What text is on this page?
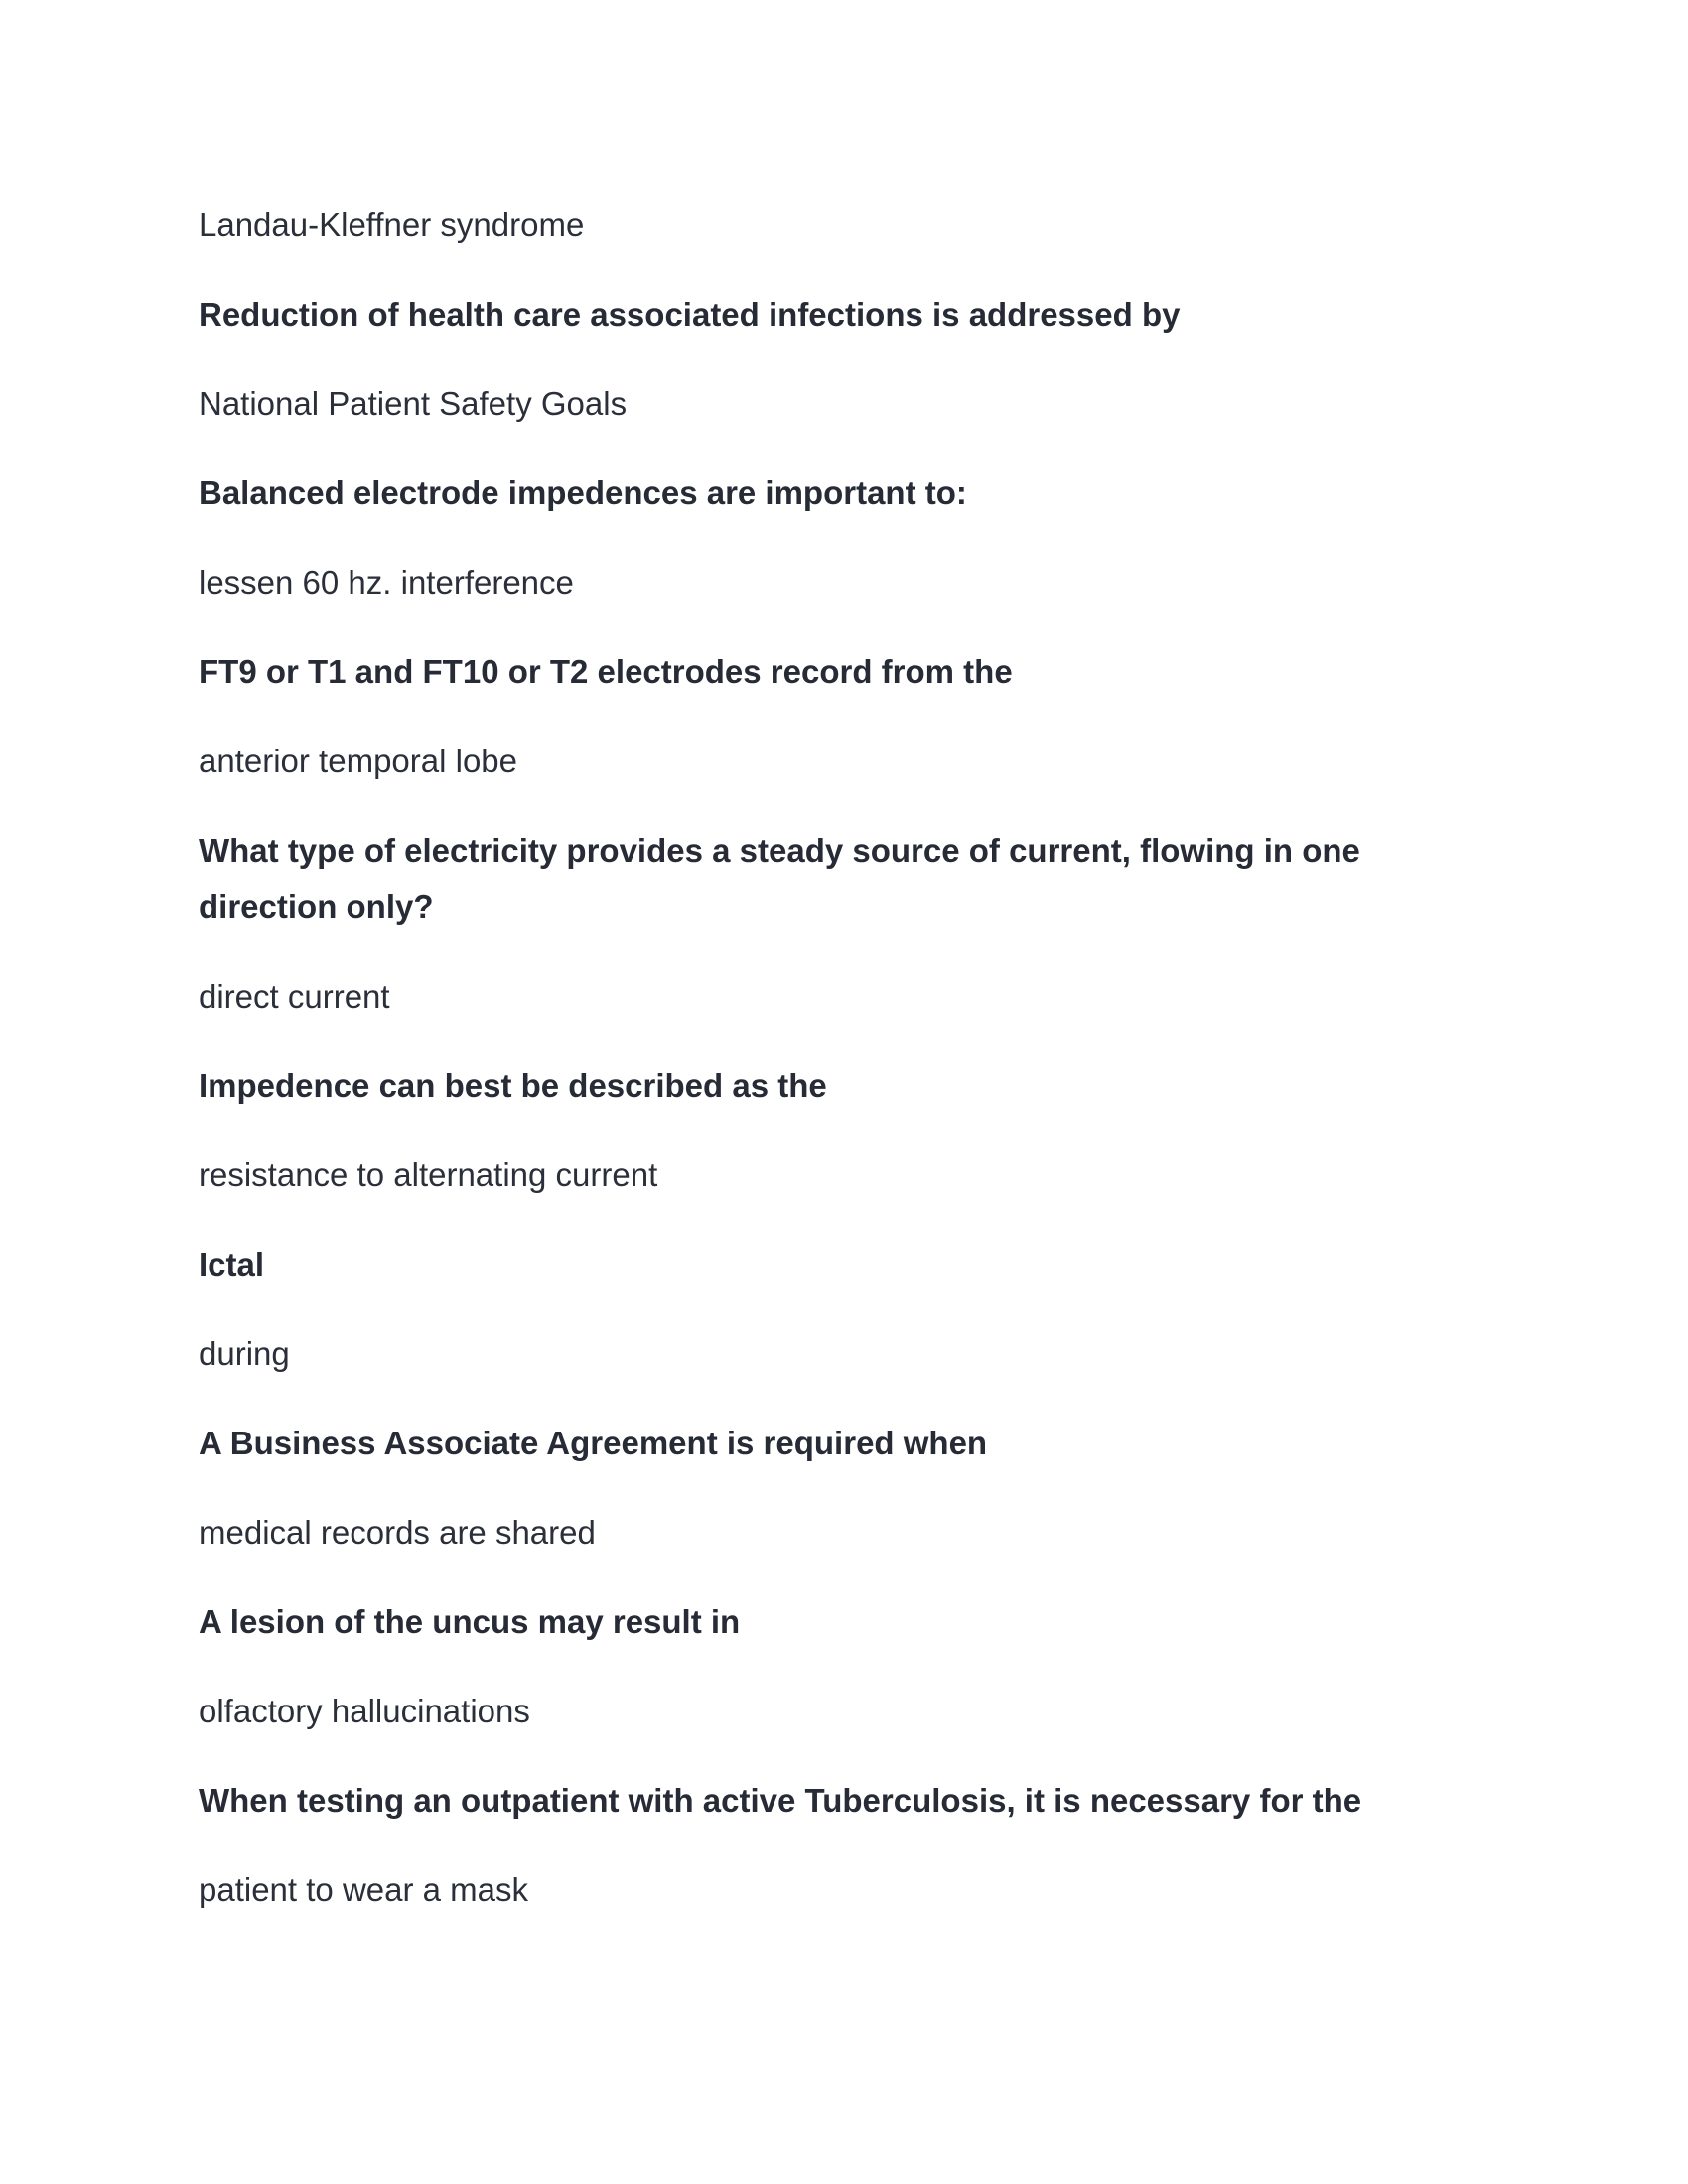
Landau-Kleffner syndrome

Reduction of health care associated infections is addressed by

National Patient Safety Goals

Balanced electrode impedences are important to:

lessen 60 hz. interference

FT9 or T1 and FT10 or T2 electrodes record from the

anterior temporal lobe

What type of electricity provides a steady source of current, flowing in one direction only?

direct current

Impedence can best be described as the

resistance to alternating current

Ictal

during

A Business Associate Agreement is required when

medical records are shared

A lesion of the uncus may result in

olfactory hallucinations

When testing an outpatient with active Tuberculosis, it is necessary for the

patient to wear a mask
